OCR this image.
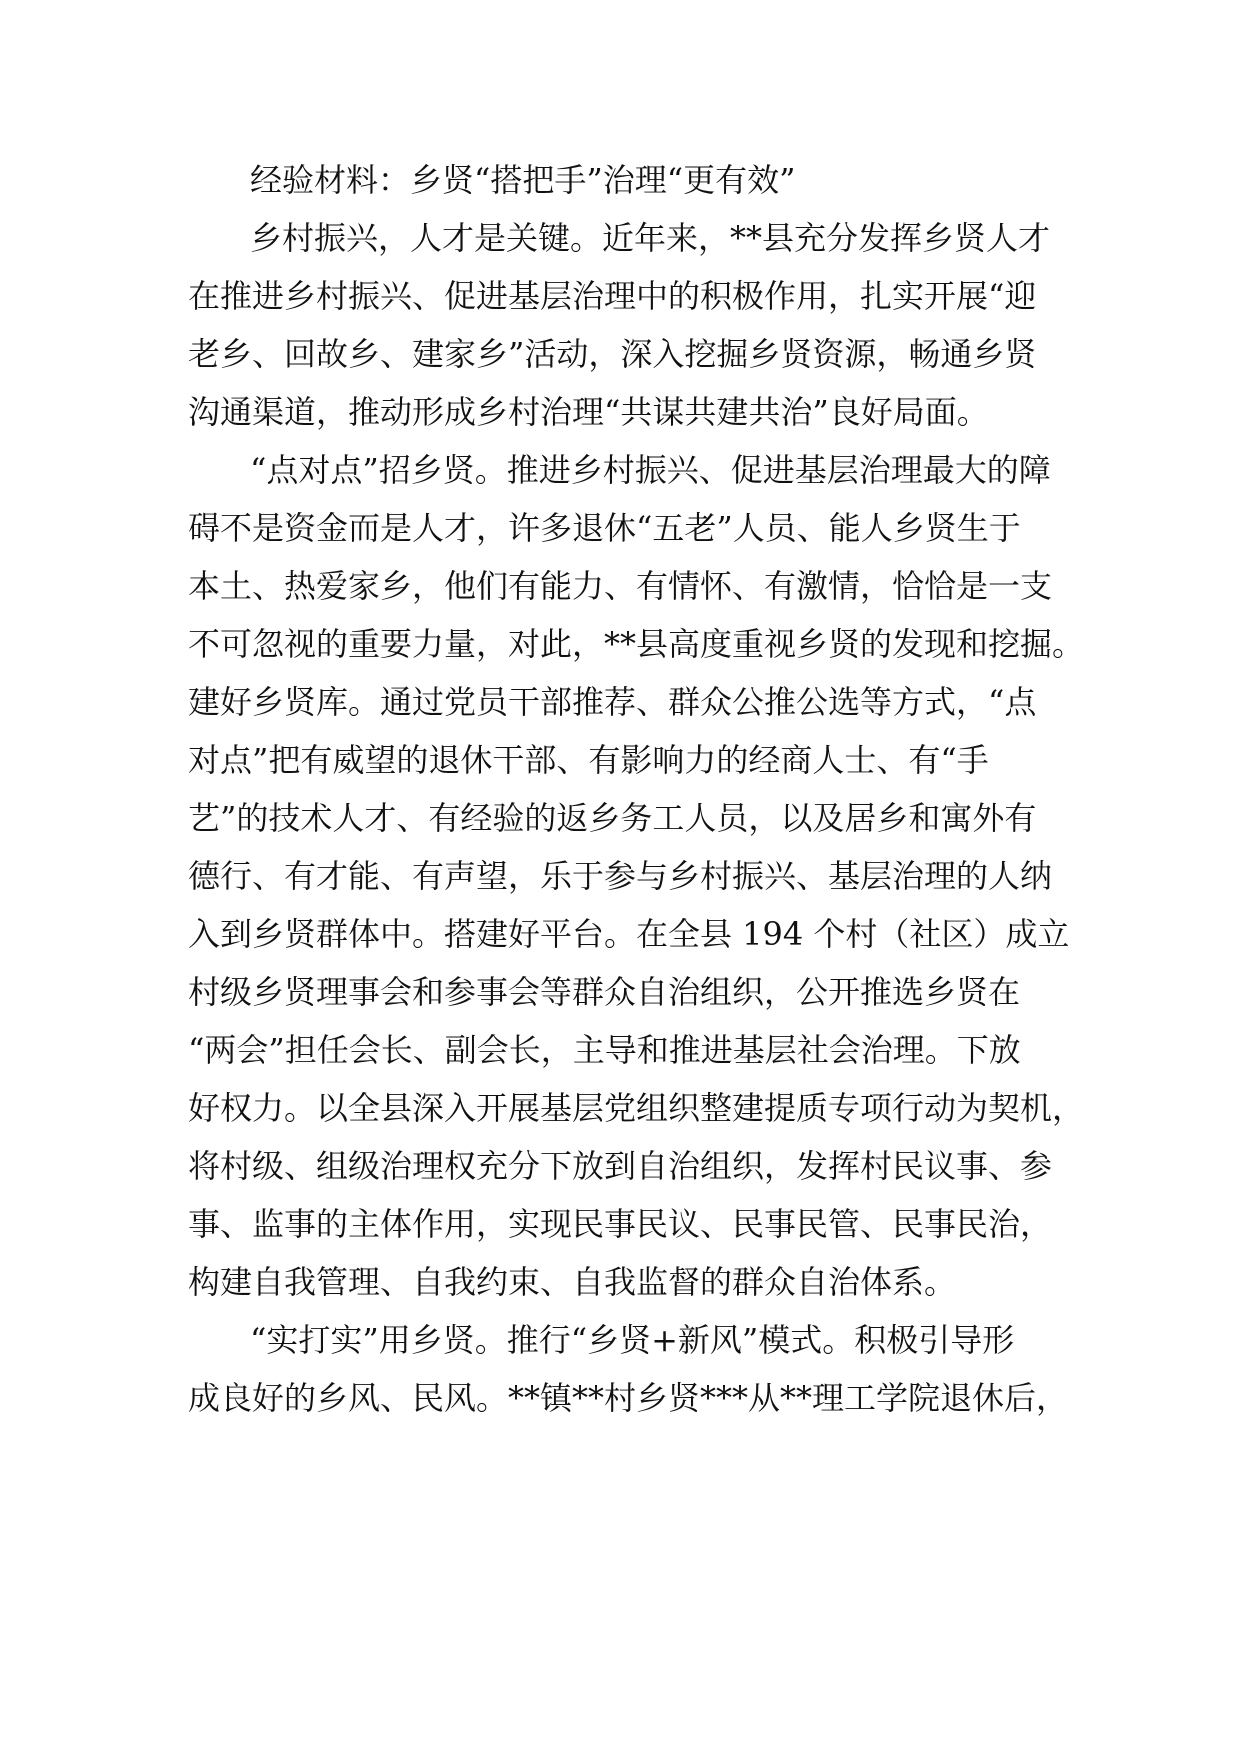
经验材料：乡贤“搭把手”治理“更有效”
乡村振兴，人才是关键。近年来，**县充分发挥乡贤人才
在推进乡村振兴、促进基层治理中的积极作用，扎实开展“迎
老乡、回故乡、建家乡”活动，深入挖掘乡贤资源，畅通乡贤
沟通渠道，推动形成乡村治理“共谋共建共治”良好局面。
“点对点”招乡贤。推进乡村振兴、促进基层治理最大的障
碍不是资金而是人才，许多退休“五老”人员、能人乡贤生于
本土、热爱家乡，他们有能力、有情怀、有激情，恰恰是一支
不可忽视的重要力量，对此，**县高度重视乡贤的发现和挖掘。
建好乡贤库。通过党员干部推荐、群众公推公选等方式，“点
对点”把有威望的退休干部、有影响力的经商人士、有“手
艺”的技术人才、有经验的返乡务工人员，以及居乡和寓外有
德行、有才能、有声望，乐于参与乡村振兴、基层治理的人纳
入到乡贤群体中。搭建好平台。在全县 194 个村（社区）成立
村级乡贤理事会和参事会等群众自治组织，公开推选乡贤在
“两会”担任会长、副会长，主导和推进基层社会治理。下放
好权力。以全县深入开展基层党组织整建提质专项行动为契机，
将村级、组级治理权充分下放到自治组织，发挥村民议事、参
事、监事的主体作用，实现民事民议、民事民管、民事民治，
构建自我管理、自我约束、自我监督的群众自治体系。
“实打实”用乡贤。推行“乡贤+新风”模式。积极引导形
成良好的乡风、民风。**镇**村乡贤***从**理工学院退休后，
